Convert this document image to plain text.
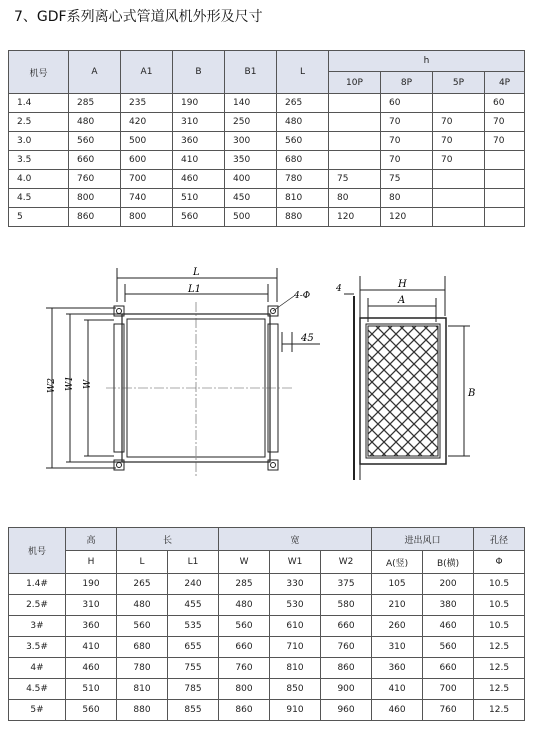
7、GDF系列离心式管道风机外形及尺寸
机号	A	A1	B	B1	L	h			
						10P	8P	5P	4P
1.4	285	235	190	140	265		60		60
2.5	480	420	310	250	480		70	70	70
3.0	560	500	360	300	560		70	70	70
3.5	660	600	410	350	680		70	70	
4.0	760	700	460	400	780	75	75		
4.5	800	740	510	450	810	80	80		
5	860	800	560	500	880	120	120		
L
L1
4-Φ
45
W2 W1 W
4	H
A
B
机号	高	长		宽			进出风口		孔径
	H	L	L1	W	W1	W2	A(竖)	B(横)	Φ
1.4#	190	265	240	285	330	375	105	200	10.5
2.5#	310	480	455	480	530	580	210	380	10.5
3#	360	560	535	560	610	660	260	460	10.5
3.5#	410	680	655	660	710	760	310	560	12.5
4#	460	780	755	760	810	860	360	660	12.5
4.5#	510	810	785	800	850	900	410	700	12.5
5#	560	880	855	860	910	960	460	760	12.5
